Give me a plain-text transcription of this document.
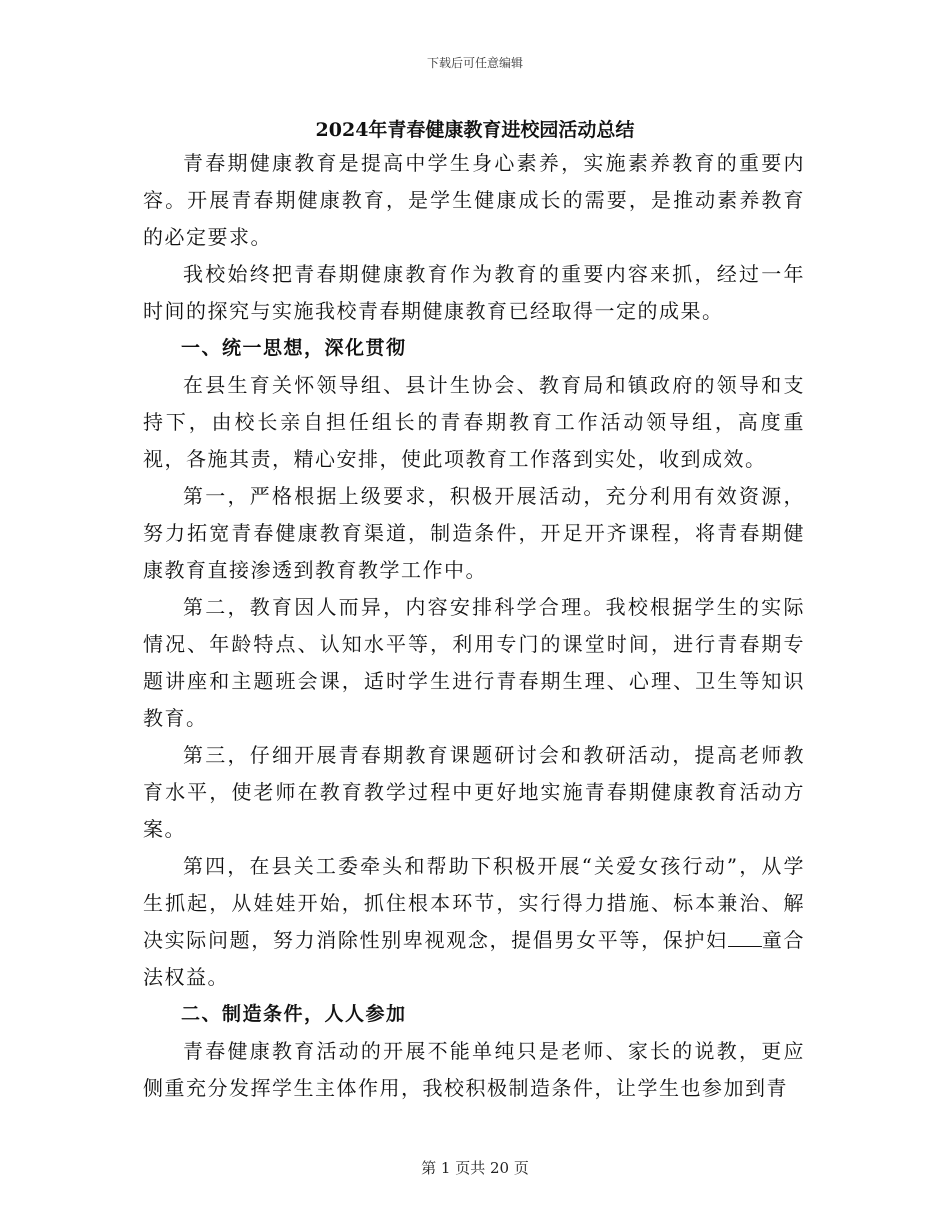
下载后可任意编辑
2024年青春健康教育进校园活动总结

青春期健康教育是提高中学生身心素养，实施素养教育的重要内容。开展青春期健康教育，是学生健康成长的需要，是推动素养教育的必定要求。

我校始终把青春期健康教育作为教育的重要内容来抓，经过一年时间的探究与实施我校青春期健康教育已经取得一定的成果。

一、统一思想，深化贯彻

在县生育关怀领导组、县计生协会、教育局和镇政府的领导和支持下，由校长亲自担任组长的青春期教育工作活动领导组，高度重视，各施其责，精心安排，使此项教育工作落到实处，收到成效。

第一，严格根据上级要求，积极开展活动，充分利用有效资源，努力拓宽青春健康教育渠道，制造条件，开足开齐课程，将青春期健康教育直接渗透到教育教学工作中。

第二，教育因人而异，内容安排科学合理。我校根据学生的实际情况、年龄特点、认知水平等，利用专门的课堂时间，进行青春期专题讲座和主题班会课，适时学生进行青春期生理、心理、卫生等知识教育。

第三，仔细开展青春期教育课题研讨会和教研活动，提高老师教育水平，使老师在教育教学过程中更好地实施青春期健康教育活动方案。

第四，在县关工委牵头和帮助下积极开展“关爱女孩行动”，从学生抓起，从娃娃开始，抓住根本环节，实行得力措施、标本兼治、解决实际问题，努力消除性别卑视观念，提倡男女平等，保护妇 童合法权益。

二、制造条件，人人参加

青春健康教育活动的开展不能单纯只是老师、家长的说教，更应侧重充分发挥学生主体作用，我校积极制造条件，让学生也参加到青

第 1 页共 20 页
